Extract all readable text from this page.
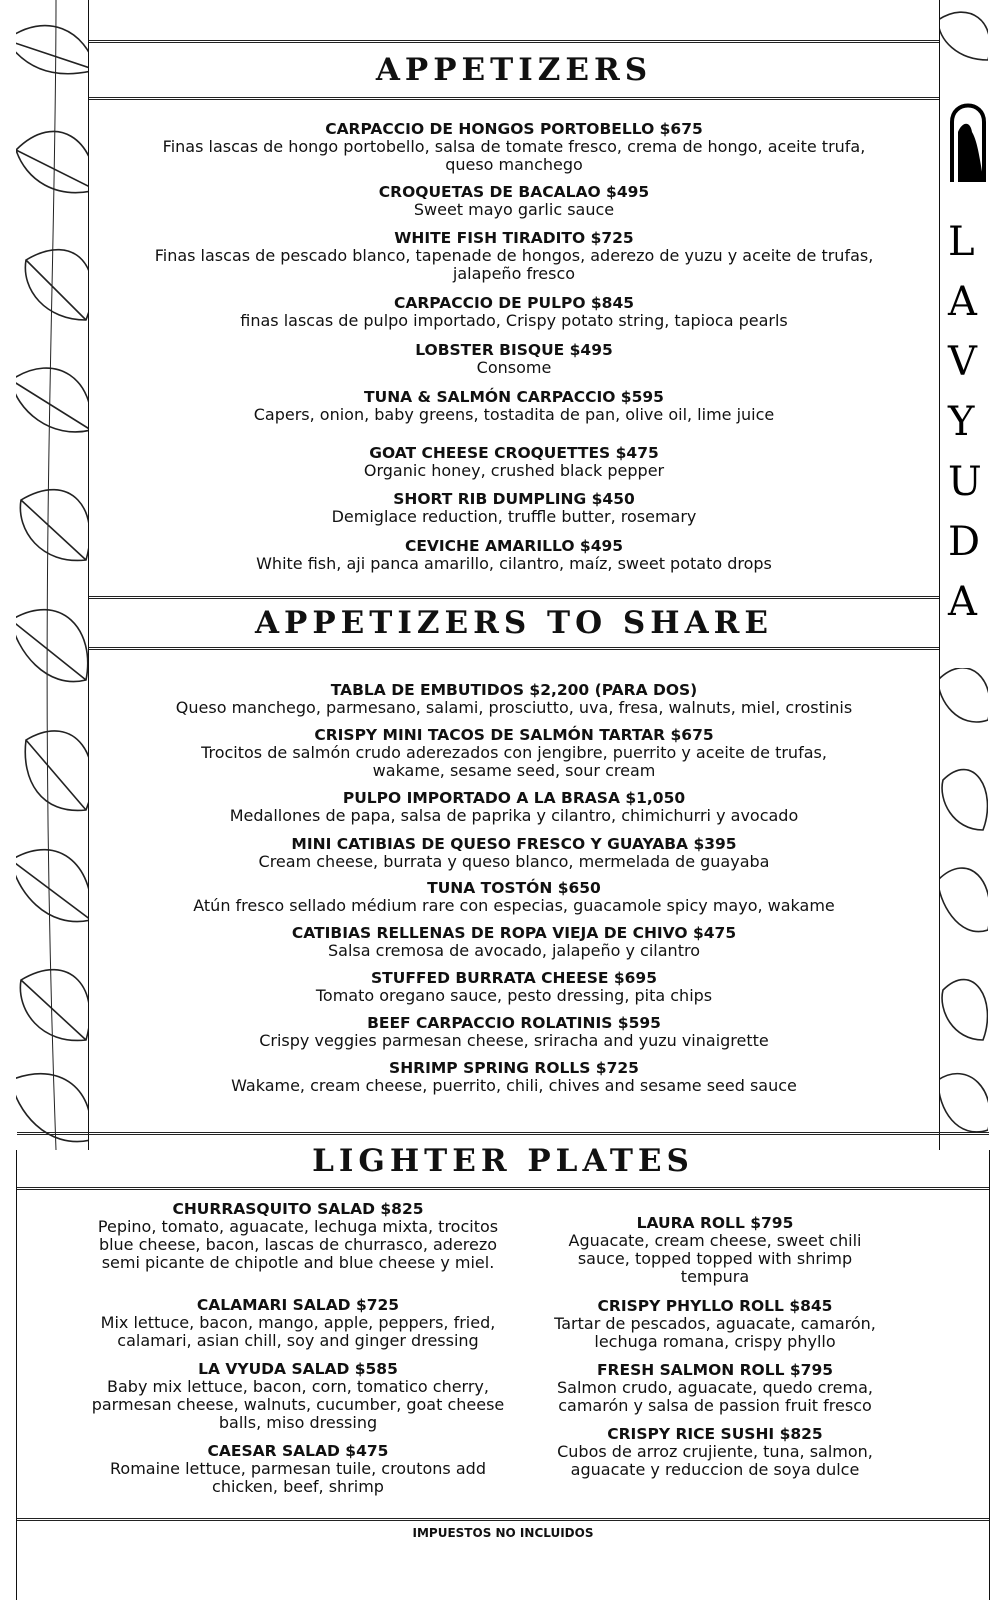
L
A
V
Y
U
D
A
APPETIZERS
CARPACCIO DE HONGOS PORTOBELLO $675
Finas lascas de hongo portobello, salsa de tomate fresco, crema de hongo, aceite trufa, queso manchego
CROQUETAS DE BACALAO $495
Sweet mayo garlic sauce
WHITE FISH TIRADITO $725
Finas lascas de pescado blanco, tapenade de hongos, aderezo de yuzu y aceite de trufas, jalapeño fresco
CARPACCIO DE PULPO $845
finas lascas de pulpo importado, Crispy potato string, tapioca pearls
LOBSTER BISQUE $495
Consome
TUNA & SALMÓN CARPACCIO $595
Capers, onion, baby greens, tostadita de pan, olive oil, lime juice
GOAT CHEESE CROQUETTES $475
Organic honey, crushed black pepper
SHORT RIB DUMPLING $450
Demiglace reduction, truffle butter, rosemary
CEVICHE AMARILLO $495
White fish, aji panca amarillo, cilantro, maíz, sweet potato drops
APPETIZERS TO SHARE
TABLA DE EMBUTIDOS $2,200 (PARA DOS)
Queso manchego, parmesano, salami, prosciutto, uva, fresa, walnuts, miel, crostinis
CRISPY MINI TACOS DE SALMÓN TARTAR $675
Trocitos de salmón crudo aderezados con jengibre, puerrito y aceite de trufas, wakame, sesame seed, sour cream
PULPO IMPORTADO A LA BRASA $1,050
Medallones de papa, salsa de paprika y cilantro, chimichurri y avocado
MINI CATIBIAS DE QUESO FRESCO Y GUAYABA $395
Cream cheese, burrata y queso blanco, mermelada de guayaba
TUNA TOSTÓN $650
Atún fresco sellado médium rare con especias, guacamole spicy mayo, wakame
CATIBIAS RELLENAS DE ROPA VIEJA DE CHIVO $475
Salsa cremosa de avocado, jalapeño y cilantro
STUFFED BURRATA CHEESE $695
Tomato oregano sauce, pesto dressing, pita chips
BEEF CARPACCIO ROLATINIS $595
Crispy veggies parmesan cheese, sriracha and yuzu vinaigrette
SHRIMP SPRING ROLLS $725
Wakame, cream cheese, puerrito, chili, chives and sesame seed sauce
LIGHTER PLATES
CHURRASQUITO SALAD $825
Pepino, tomato, aguacate, lechuga mixta, trocitos blue cheese, bacon, lascas de churrasco, aderezo semi picante de chipotle and blue cheese y miel.
CALAMARI SALAD $725
Mix lettuce, bacon, mango, apple, peppers, fried, calamari, asian chill, soy and ginger dressing
LA VYUDA SALAD $585
Baby mix lettuce, bacon, corn, tomatico cherry, parmesan cheese, walnuts, cucumber, goat cheese balls, miso dressing
CAESAR SALAD $475
Romaine lettuce, parmesan tuile, croutons add chicken, beef, shrimp
LAURA ROLL $795
Aguacate, cream cheese, sweet chili sauce, topped topped with shrimp tempura
CRISPY PHYLLO ROLL $845
Tartar de pescados, aguacate, camarón, lechuga romana, crispy phyllo
FRESH SALMON ROLL $795
Salmon crudo, aguacate, quedo crema, camarón y salsa de passion fruit fresco
CRISPY RICE SUSHI $825
Cubos de arroz crujiente, tuna, salmon, aguacate y reduccion de soya dulce
IMPUESTOS NO INCLUIDOS
